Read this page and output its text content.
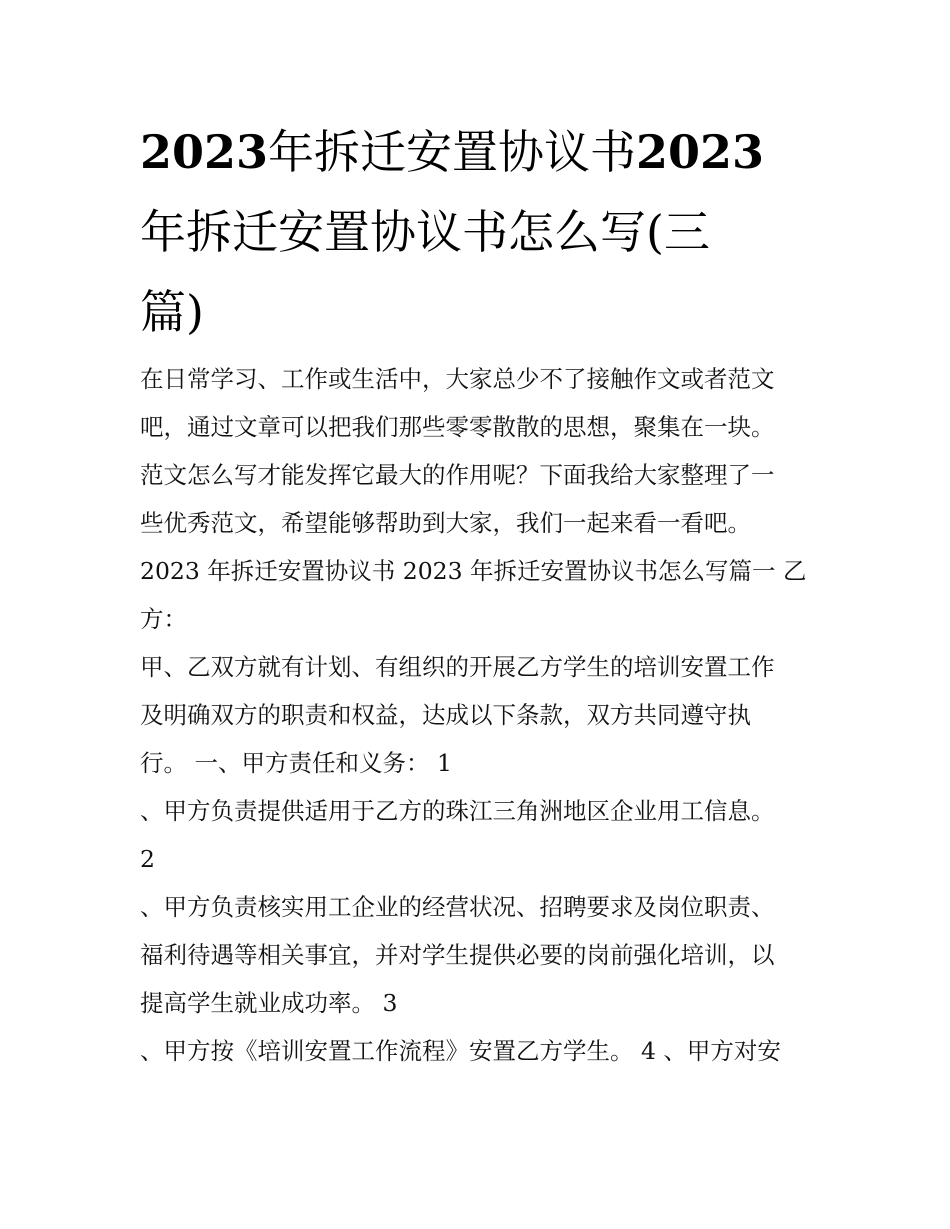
2023年拆迁安置协议书2023
年拆迁安置协议书怎么写(三
篇)
在日常学习、工作或生活中，大家总少不了接触作文或者范文
吧，通过文章可以把我们那些零零散散的思想，聚集在一块。
范文怎么写才能发挥它最大的作用呢？下面我给大家整理了一
些优秀范文，希望能够帮助到大家，我们一起来看一看吧。
2023 年拆迁安置协议书 2023 年拆迁安置协议书怎么写篇一 乙
方：
甲、乙双方就有计划、有组织的开展乙方学生的培训安置工作
及明确双方的职责和权益，达成以下条款，双方共同遵守执
行。 一、甲方责任和义务： 1
、甲方负责提供适用于乙方的珠江三角洲地区企业用工信息。
2
、甲方负责核实用工企业的经营状况、招聘要求及岗位职责、
福利待遇等相关事宜，并对学生提供必要的岗前强化培训，以
提高学生就业成功率。 3
、甲方按《培训安置工作流程》安置乙方学生。 4 、甲方对安
